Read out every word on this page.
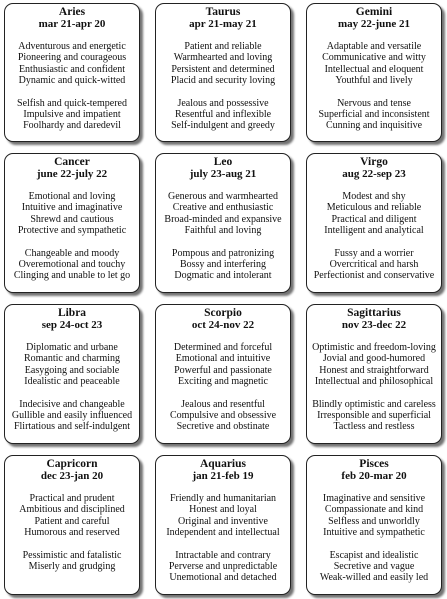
Aries
mar 21-apr 20
Adventurous and energetic
Pioneering and courageous
Enthusiastic and confident
Dynamic and quick-witted
Selfish and quick-tempered
Impulsive and impatient
Foolhardy and daredevil
Taurus
apr 21-may 21
Patient and reliable
Warmhearted and loving
Persistent and determined
Placid and security loving
Jealous and possessive
Resentful and inflexible
Self-indulgent and greedy
Gemini
may 22-june 21
Adaptable and versatile
Communicative and witty
Intellectual and eloquent
Youthful and lively
Nervous and tense
Superficial and inconsistent
Cunning and inquisitive
Cancer
june 22-july 22
Emotional and loving
Intuitive and imaginative
Shrewd and cautious
Protective and sympathetic
Changeable and moody
Overemotional and touchy
Clinging and unable to let go
Leo
july 23-aug 21
Generous and warmhearted
Creative and enthusiastic
Broad-minded and expansive
Faithful and loving
Pompous and patronizing
Bossy and interfering
Dogmatic and intolerant
Virgo
aug 22-sep 23
Modest and shy
Meticulous and reliable
Practical and diligent
Intelligent and analytical
Fussy and a worrier
Overcritical and harsh
Perfectionist and conservative
Libra
sep 24-oct 23
Diplomatic and urbane
Romantic and charming
Easygoing and sociable
Idealistic and peaceable
Indecisive and changeable
Gullible and easily influenced
Flirtatious and self-indulgent
Scorpio
oct 24-nov 22
Determined and forceful
Emotional and intuitive
Powerful and passionate
Exciting and magnetic
Jealous and resentful
Compulsive and obsessive
Secretive and obstinate
Sagittarius
nov 23-dec 22
Optimistic and freedom-loving
Jovial and good-humored
Honest and straightforward
Intellectual and philosophical
Blindly optimistic and careless
Irresponsible and superficial
Tactless and restless
Capricorn
dec 23-jan 20
Practical and prudent
Ambitious and disciplined
Patient and careful
Humorous and reserved
Pessimistic and fatalistic
Miserly and grudging
Aquarius
jan 21-feb 19
Friendly and humanitarian
Honest and loyal
Original and inventive
Independent and intellectual
Intractable and contrary
Perverse and unpredictable
Unemotional and detached
Pisces
feb 20-mar 20
Imaginative and sensitive
Compassionate and kind
Selfless and unworldly
Intuitive and sympathetic
Escapist and idealistic
Secretive and vague
Weak-willed and easily led
